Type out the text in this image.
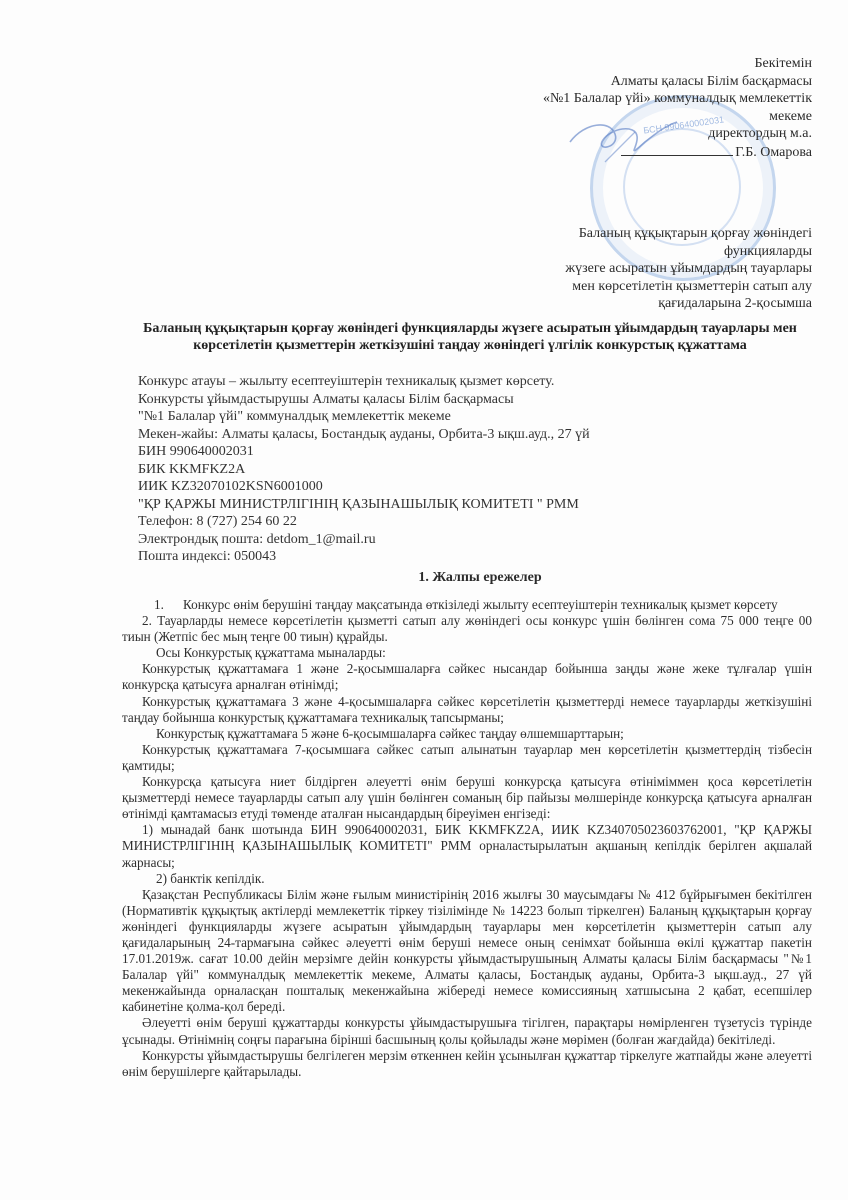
БСН 990640002031
Бекітемін
Алматы қаласы Білім басқармасы
«№1 Балалар үйі» коммуналдық мемлекеттік
мекеме
директордың м.а.
Г.Б. Омарова
Баланың құқықтарын қорғау жөніндегі
функцияларды
жүзеге асыратын ұйымдардың тауарлары
мен көрсетілетін қызметтерін сатып алу
қағидаларына 2-қосымша
Баланың құқықтарын қорғау жөніндегі функцияларды жүзеге асыратын ұйымдардың тауарлары мен
көрсетілетін қызметтерін жеткізушіні таңдау жөніндегі үлгілік конкурстық құжаттама
Конкурс атауы – жылыту есептеуіштерін техникалық қызмет көрсету.
Конкурсты ұйымдастырушы Алматы қаласы Білім басқармасы
"№1 Балалар үйі" коммуналдық мемлекеттік мекеме
Мекен-жайы: Алматы қаласы, Бостандық ауданы, Орбита-3 ықш.ауд., 27 үй
БИН 990640002031
БИК KKMFKZ2A
ИИК KZ32070102KSN6001000
"ҚР ҚАРЖЫ МИНИСТРЛІГІНІҢ ҚАЗЫНАШЫЛЫҚ КОМИТЕТІ " РММ
Телефон: 8 (727) 254 60 22
Электрондық пошта: detdom_1@mail.ru
Пошта индексі: 050043
1. Жалпы ережелер

1. Конкурс өнім берушіні таңдау мақсатында өткізіледі жылыту есептеуіштерін техникалық қызмет көрсету

2. Тауарларды немесе көрсетілетін қызметті сатып алу жөніндегі осы конкурс үшін бөлінген сома 75 000 теңге 00 тиын (Жетпіс бес мың теңге 00 тиын) құрайды.

Осы Конкурстық құжаттама мыналарды:

Конкурстық құжаттамаға 1 және 2-қосымшаларға сәйкес нысандар бойынша заңды және жеке тұлғалар үшін конкурсқа қатысуға арналған өтінімді;

Конкурстық құжаттамаға 3 және 4-қосымшаларға сәйкес көрсетілетін қызметтерді немесе тауарларды жеткізушіні таңдау бойынша конкурстық құжаттамаға техникалық тапсырманы;

Конкурстық құжаттамаға 5 және 6-қосымшаларға сәйкес таңдау өлшемшарттарын;

Конкурстық құжаттамаға 7-қосымшаға сәйкес сатып алынатын тауарлар мен көрсетілетін қызметтердің тізбесін қамтиды;

Конкурсқа қатысуға ниет білдірген әлеуетті өнім беруші конкурсқа қатысуға өтініміммен қоса көрсетілетін қызметтерді немесе тауарларды сатып алу үшін бөлінген соманың бір пайызы мөлшерінде конкурсқа қатысуға арналған өтінімді қамтамасыз етуді төменде аталған нысандардың біреуімен енгізеді:

1) мынадай банк шотында БИН 990640002031, БИК KKMFKZ2A, ИИК KZ340705023603762001, "ҚР ҚАРЖЫ МИНИСТРЛІГІНІҢ ҚАЗЫНАШЫЛЫҚ КОМИТЕТІ" РММ орналастырылатын ақшаның кепілдік берілген ақшалай жарнасы;

2) банктік кепілдік.

Қазақстан Республикасы Білім және ғылым министірінің 2016 жылғы 30 маусымдағы № 412 бұйрығымен бекітілген (Нормативтік құқықтық актілерді мемлекеттік тіркеу тізілімінде № 14223 болып тіркелген) Баланың құқықтарын қорғау жөніндегі функцияларды жүзеге асыратын ұйымдардың тауарлары мен көрсетілетін қызметтерін сатып алу қағидаларының 24-тармағына сәйкес әлеуетті өнім беруші немесе оның сенімхат бойынша өкілі құжаттар пакетін 17.01.2019ж. сағат 10.00 дейін мерзімге дейін конкурсты ұйымдастырушының Алматы қаласы Білім басқармасы "№1 Балалар үйі" коммуналдық мемлекеттік мекеме, Алматы қаласы, Бостандық ауданы, Орбита-3 ықш.ауд., 27 үй мекенжайында орналасқан пошталық мекенжайына жібереді немесе комиссияның хатшысына 2 қабат, есепшілер кабинетіне қолма-қол береді.

Әлеуетті өнім беруші құжаттарды конкурсты ұйымдастырушыға тігілген, парақтары нөмірленген түзетусіз түрінде ұсынады. Өтінімнің соңғы парағына бірінші басшының қолы қойылады және мөрімен (болған жағдайда) бекітіледі.

Конкурсты ұйымдастырушы белгілеген мерзім өткеннен кейін ұсынылған құжаттар тіркелуге жатпайды және әлеуетті өнім берушілерге қайтарылады.
